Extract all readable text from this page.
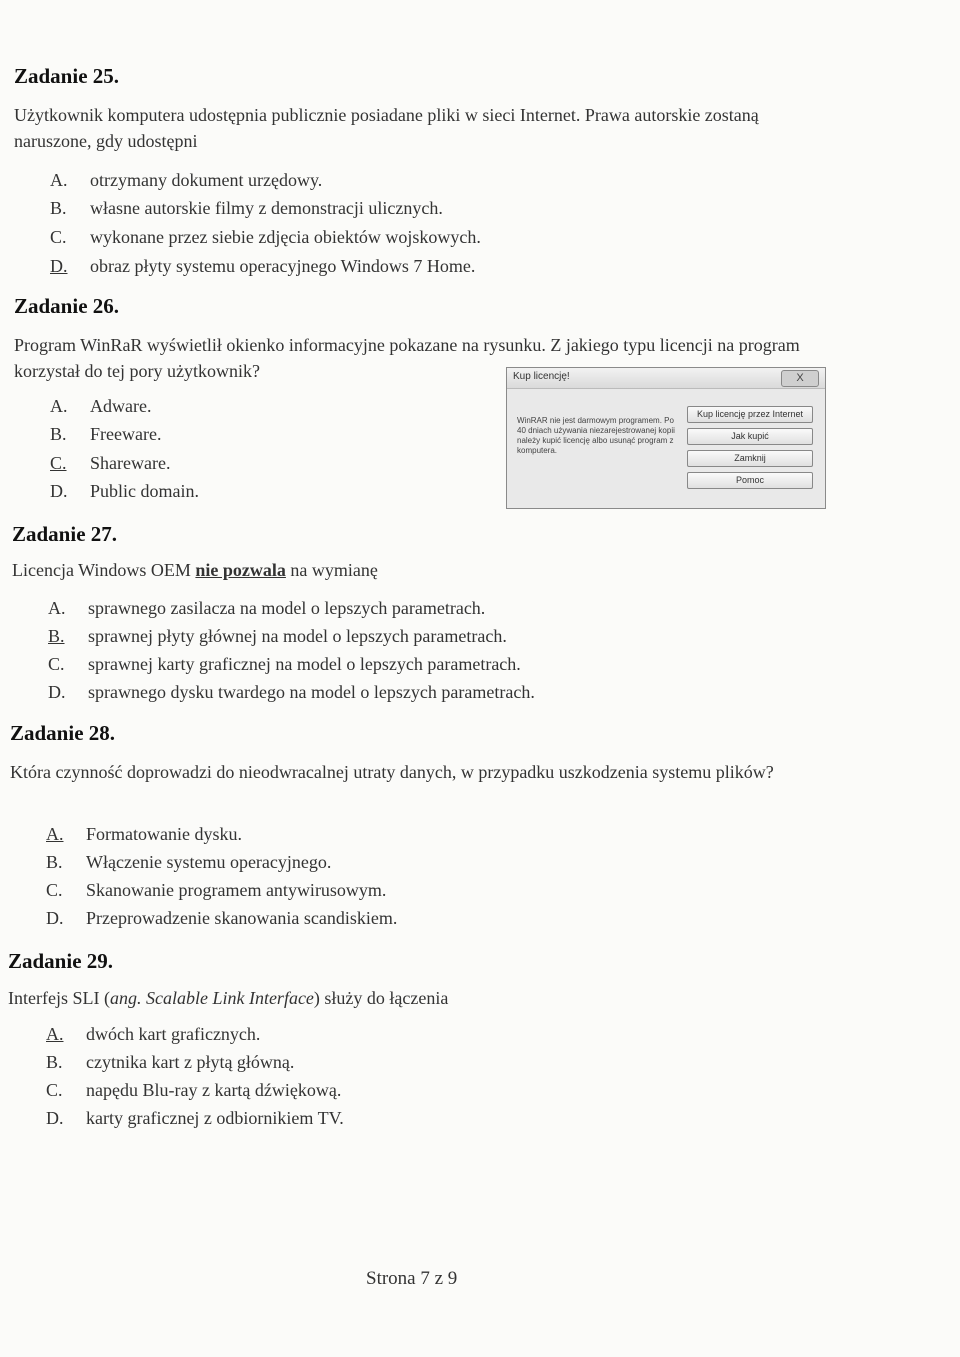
Zadanie 25.
Użytkownik komputera udostępnia publicznie posiadane pliki w sieci Internet. Prawa autorskie zostaną naruszone, gdy udostępni
A. otrzymany dokument urzędowy.
B. własne autorskie filmy z demonstracji ulicznych.
C. wykonane przez siebie zdjęcia obiektów wojskowych.
D. obraz płyty systemu operacyjnego Windows 7 Home.
Zadanie 26.
Program WinRaR wyświetlił okienko informacyjne pokazane na rysunku. Z jakiego typu licencji na program korzystał do tej pory użytkownik?
A. Adware.
B. Freeware.
C. Shareware.
D. Public domain.
Kup licencję!	X
WinRAR nie jest darmowym programem. Po 40 dniach używania niezarejestrowanej kopii należy kupić licencję albo usunąć program z komputera.
Kup licencję przez Internet
Jak kupić
Zamknij
Pomoc
Zadanie 27.
Licencja Windows OEM nie pozwala na wymianę
A. sprawnego zasilacza na model o lepszych parametrach.
B. sprawnej płyty głównej na model o lepszych parametrach.
C. sprawnej karty graficznej na model o lepszych parametrach.
D. sprawnego dysku twardego na model o lepszych parametrach.
Zadanie 28.
Która czynność doprowadzi do nieodwracalnej utraty danych, w przypadku uszkodzenia systemu plików?
A. Formatowanie dysku.
B. Włączenie systemu operacyjnego.
C. Skanowanie programem antywirusowym.
D. Przeprowadzenie skanowania scandiskiem.
Zadanie 29.
Interfejs SLI (ang. Scalable Link Interface) służy do łączenia
A. dwóch kart graficznych.
B. czytnika kart z płytą główną.
C. napędu Blu-ray z kartą dźwiękową.
D. karty graficznej z odbiornikiem TV.
Strona 7 z 9
